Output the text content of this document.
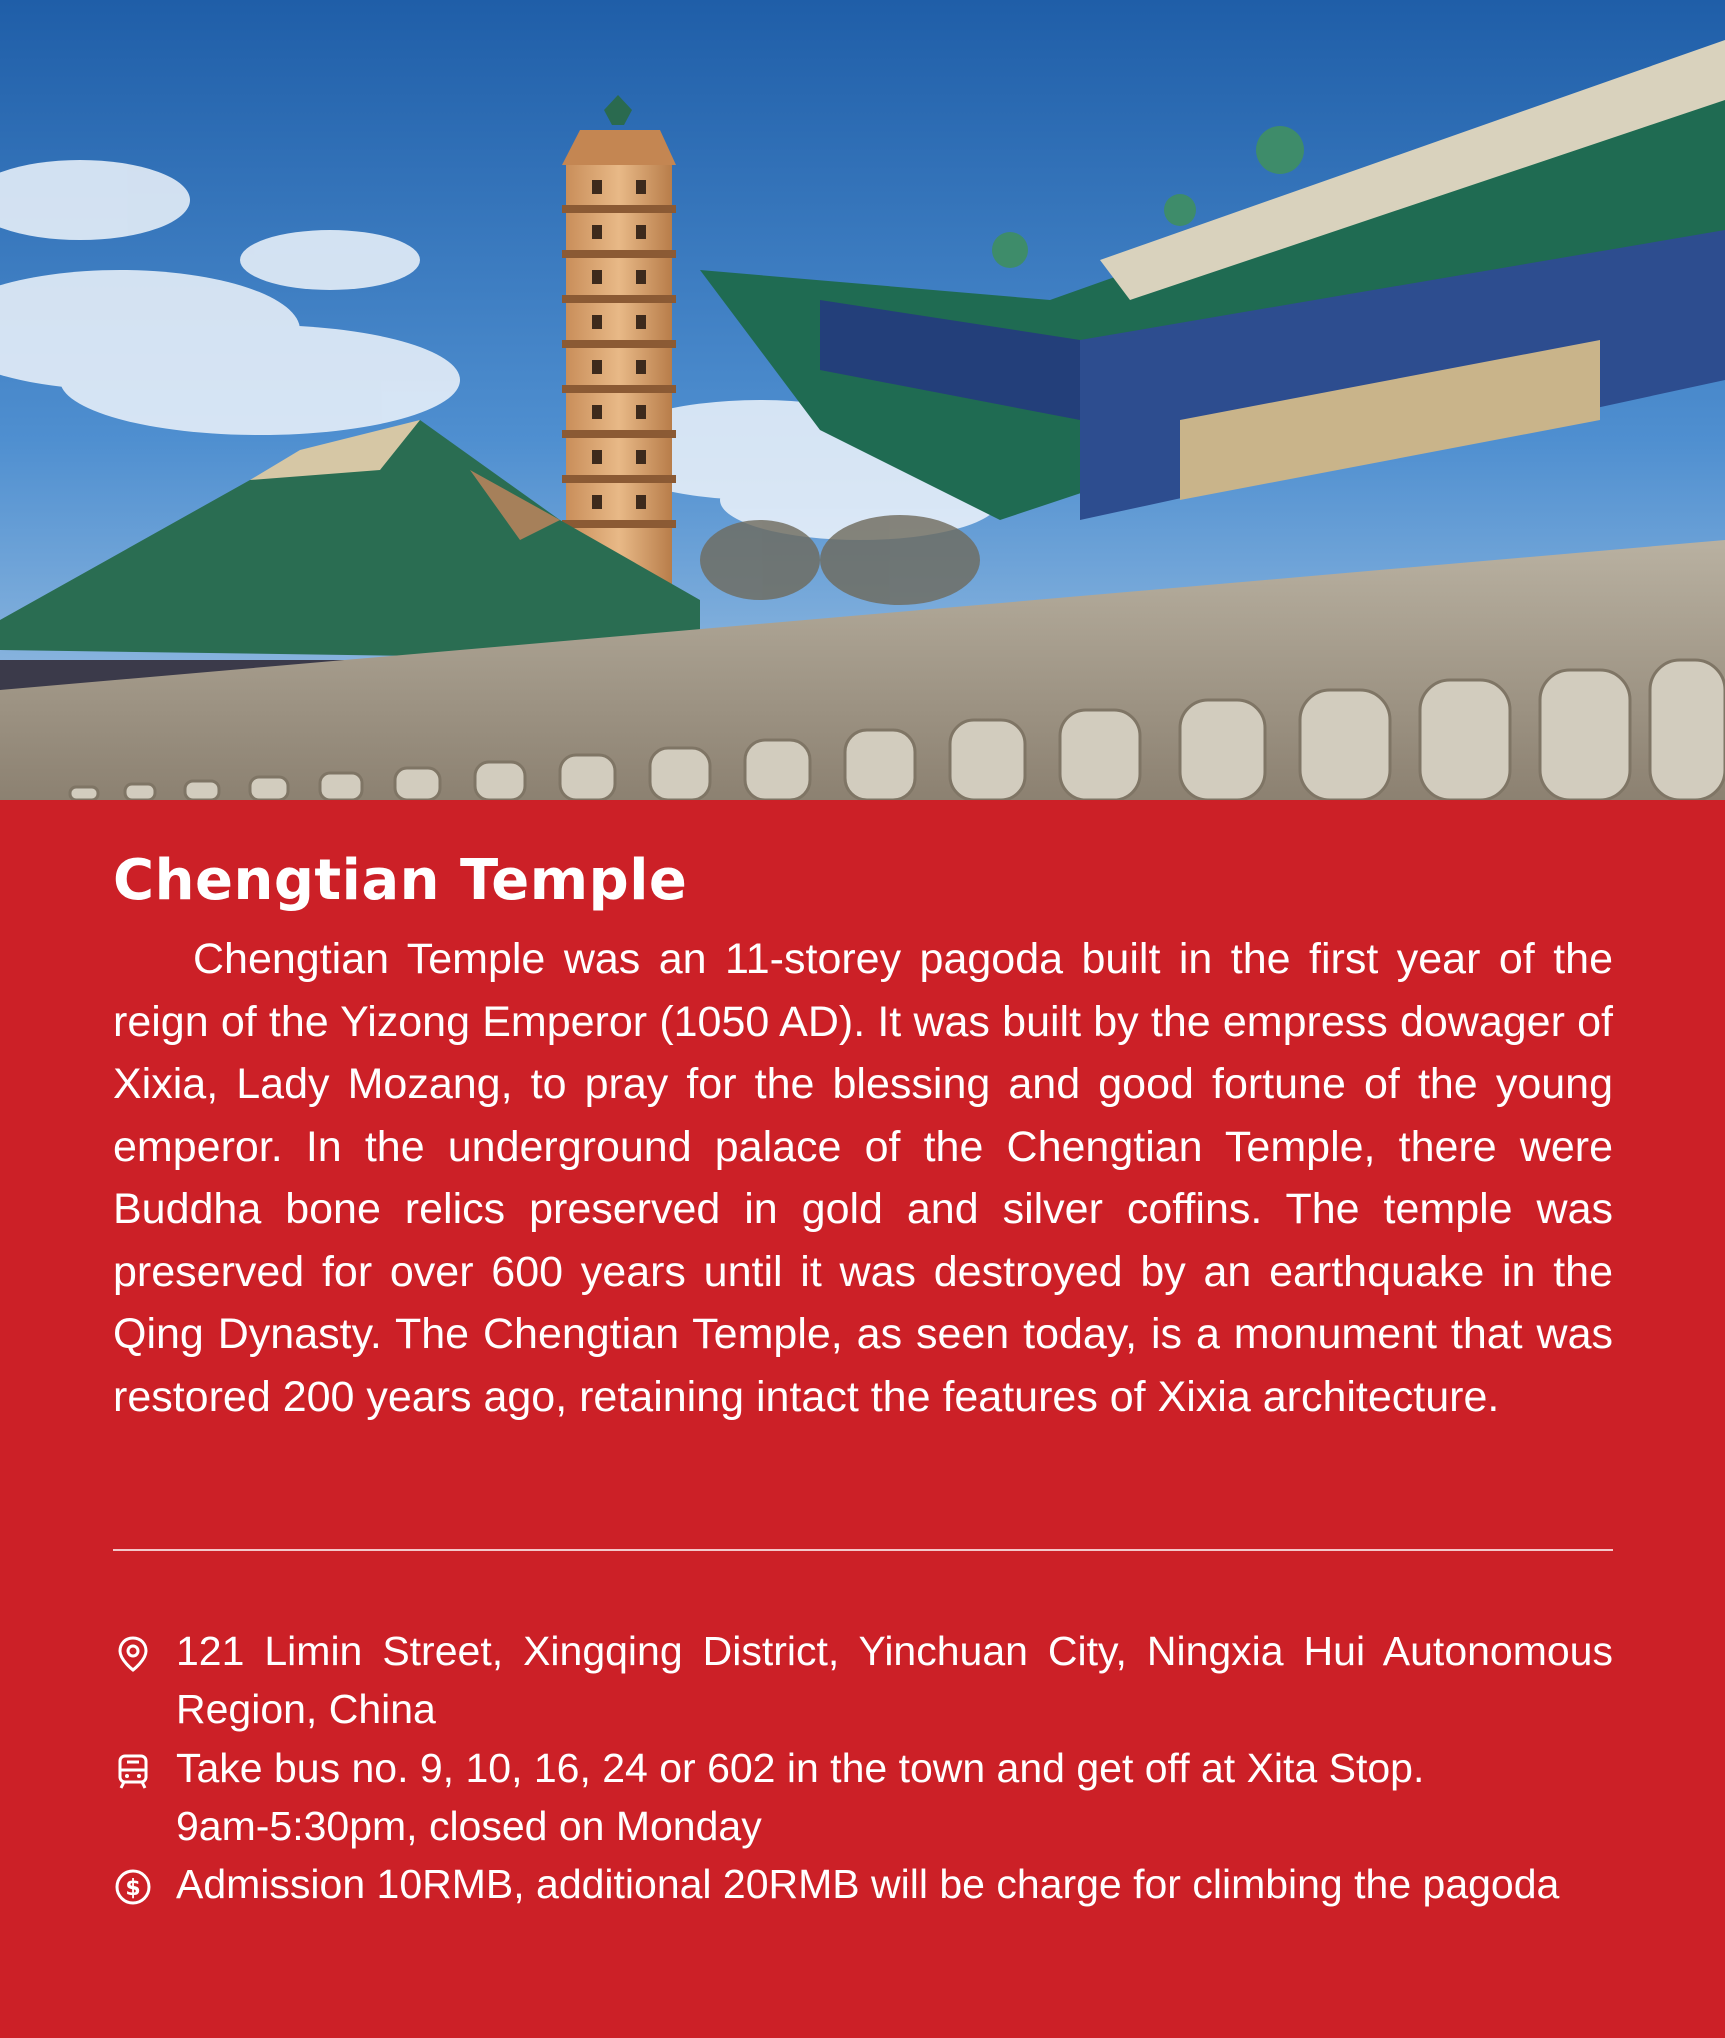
Chengtian Temple

Chengtian Temple was an 11-storey pagoda built in the first year of the reign of the Yizong Emperor (1050 AD). It was built by the empress dowager of Xixia, Lady Mozang, to pray for the blessing and good fortune of the young emperor. In the underground palace of the Chengtian Temple, there were Buddha bone relics preserved in gold and silver coffins. The temple was preserved for over 600 years until it was destroyed by an earthquake in the Qing Dynasty. The Chengtian Temple, as seen today, is a monument that was restored 200 years ago, retaining intact the features of Xixia architecture.

121 Limin Street, Xingqing District, Yinchuan City, Ningxia Hui Autonomous Region, China
Take bus no. 9, 10, 16, 24 or 602 in the town and get off at Xita Stop.
9am-5:30pm, closed on Monday
$ Admission 10RMB, additional 20RMB will be charge for climbing the pagoda
